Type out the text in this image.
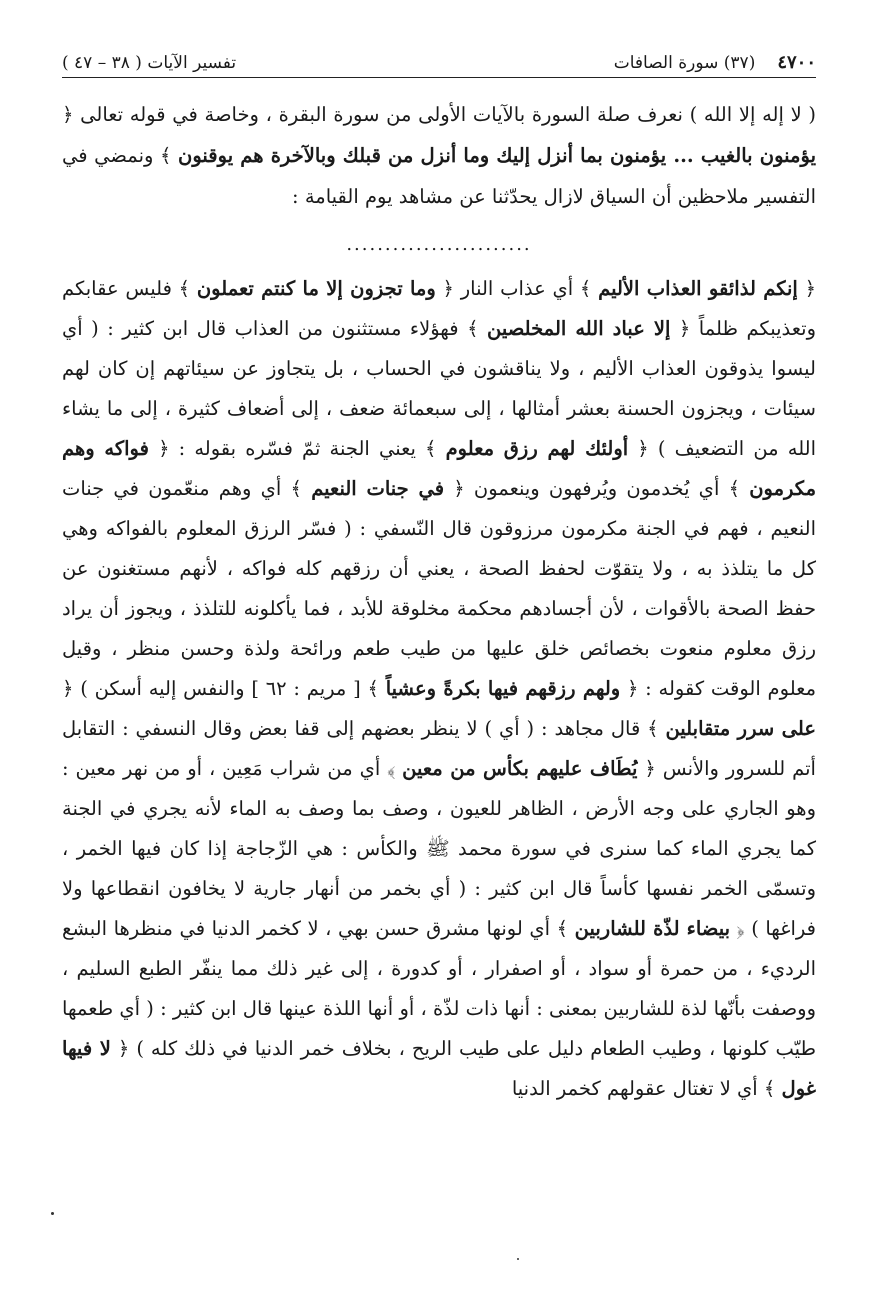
٤٧٠٠
(٣٧) سورة الصافات
تفسير الآيات ( ٣٨ – ٤٧ )

( لا إله إلا الله ) نعرف صلة السورة بالآيات الأولى من سورة البقرة ، وخاصة في قوله تعالى ﴿ يؤمنون بالغيب ... يؤمنون بما أنزل إليك وما أنزل من قبلك وبالآخرة هم يوقنون ﴾ ونمضي في التفسير ملاحظين أن السياق لازال يحدّثنا عن مشاهد يوم القيامة :

........................

﴿ إنكم لذائقو العذاب الأليم ﴾ أي عذاب النار ﴿ وما تجزون إلا ما كنتم تعملون ﴾ فليس عقابكم وتعذيبكم ظلماً ﴿ إلا عباد الله المخلصين ﴾ فهؤلاء مستثنون من العذاب قال ابن كثير : ( أي ليسوا يذوقون العذاب الأليم ، ولا يناقشون في الحساب ، بل يتجاوز عن سيئاتهم إن كان لهم سيئات ، ويجزون الحسنة بعشر أمثالها ، إلى سبعمائة ضعف ، إلى أضعاف كثيرة ، إلى ما يشاء الله من التضعيف ) ﴿ أولئك لهم رزق معلوم ﴾ يعني الجنة ثمّ فسّره بقوله : ﴿ فواكه وهم مكرمون ﴾ أي يُخدمون ويُرفهون وينعمون ﴿ في جنات النعيم ﴾ أي وهم منعّمون في جنات النعيم ، فهم في الجنة مكرمون مرزوقون قال النّسفي : ( فسّر الرزق المعلوم بالفواكه وهي كل ما يتلذذ به ، ولا يتقوّت لحفظ الصحة ، يعني أن رزقهم كله فواكه ، لأنهم مستغنون عن حفظ الصحة بالأقوات ، لأن أجسادهم محكمة مخلوقة للأبد ، فما يأكلونه للتلذذ ، ويجوز أن يراد رزق معلوم منعوت بخصائص خلق عليها من طيب طعم ورائحة ولذة وحسن منظر ، وقيل معلوم الوقت كقوله : ﴿ ولهم رزقهم فيها بكرةً وعشياً ﴾ [ مريم : ٦٢ ] والنفس إليه أسكن ) ﴿ على سرر متقابلين ﴾ قال مجاهد : ( أي ) لا ينظر بعضهم إلى قفا بعض وقال النسفي : التقابل أتم للسرور والأنس ﴿ يُطَاف عليهم بكأس من معين ﴾ أي من شراب مَعِين ، أو من نهر معين : وهو الجاري على وجه الأرض ، الظاهر للعيون ، وصف بما وصف به الماء لأنه يجري في الجنة كما يجري الماء كما سنرى في سورة محمد ﷺ والكأس : هي الزّجاجة إذا كان فيها الخمر ، وتسمّى الخمر نفسها كأساً قال ابن كثير : ( أي بخمر من أنهار جارية لا يخافون انقطاعها ولا فراغها ) ﴿ بيضاء لذّة للشاربين ﴾ أي لونها مشرق حسن بهي ، لا كخمر الدنيا في منظرها البشع الرديء ، من حمرة أو سواد ، أو اصفرار ، أو كدورة ، إلى غير ذلك مما ينفّر الطبع السليم ، ووصفت بأنّها لذة للشاربين بمعنى : أنها ذات لذّة ، أو أنها اللذة عينها قال ابن كثير : ( أي طعمها طيّب كلونها ، وطيب الطعام دليل على طيب الريح ، بخلاف خمر الدنيا في ذلك كله ) ﴿ لا فيها غول ﴾ أي لا تغتال عقولهم كخمر الدنيا
